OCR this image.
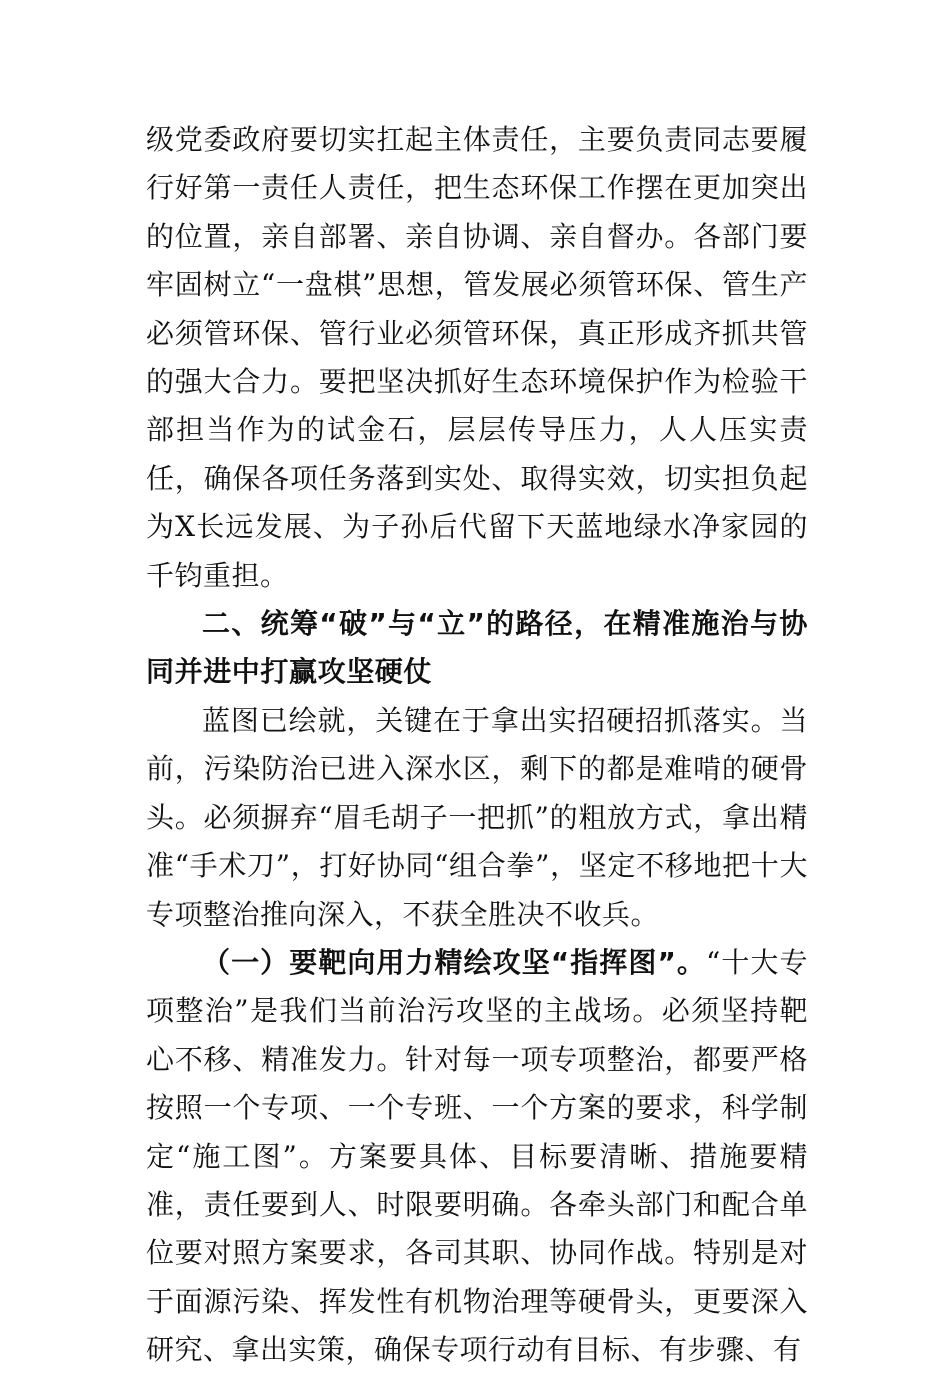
级党委政府要切实扛起主体责任，主要负责同志要履行好第一责任人责任，把生态环保工作摆在更加突出的位置，亲自部署、亲自协调、亲自督办。各部门要牢固树立“一盘棋”思想，管发展必须管环保、管生产必须管环保、管行业必须管环保，真正形成齐抓共管的强大合力。要把坚决抓好生态环境保护作为检验干部担当作为的试金石，层层传导压力，人人压实责任，确保各项任务落到实处、取得实效，切实担负起为X长远发展、为子孙后代留下天蓝地绿水净家园的千钧重担。

二、统筹“破”与“立”的路径，在精准施治与协同并进中打赢攻坚硬仗

蓝图已绘就，关键在于拿出实招硬招抓落实。当前，污染防治已进入深水区，剩下的都是难啃的硬骨头。必须摒弃“眉毛胡子一把抓”的粗放方式，拿出精准“手术刀”，打好协同“组合拳”，坚定不移地把十大专项整治推向深入，不获全胜决不收兵。

（一）要靶向用力精绘攻坚“指挥图”。“十大专项整治”是我们当前治污攻坚的主战场。必须坚持靶心不移、精准发力。针对每一项专项整治，都要严格按照一个专项、一个专班、一个方案的要求，科学制定“施工图”。方案要具体、目标要清晰、措施要精准，责任要到人、时限要明确。各牵头部门和配合单位要对照方案要求，各司其职、协同作战。特别是对于面源污染、挥发性有机物治理等硬骨头，更要深入研究、拿出实策，确保专项行动有目标、有步骤、有
